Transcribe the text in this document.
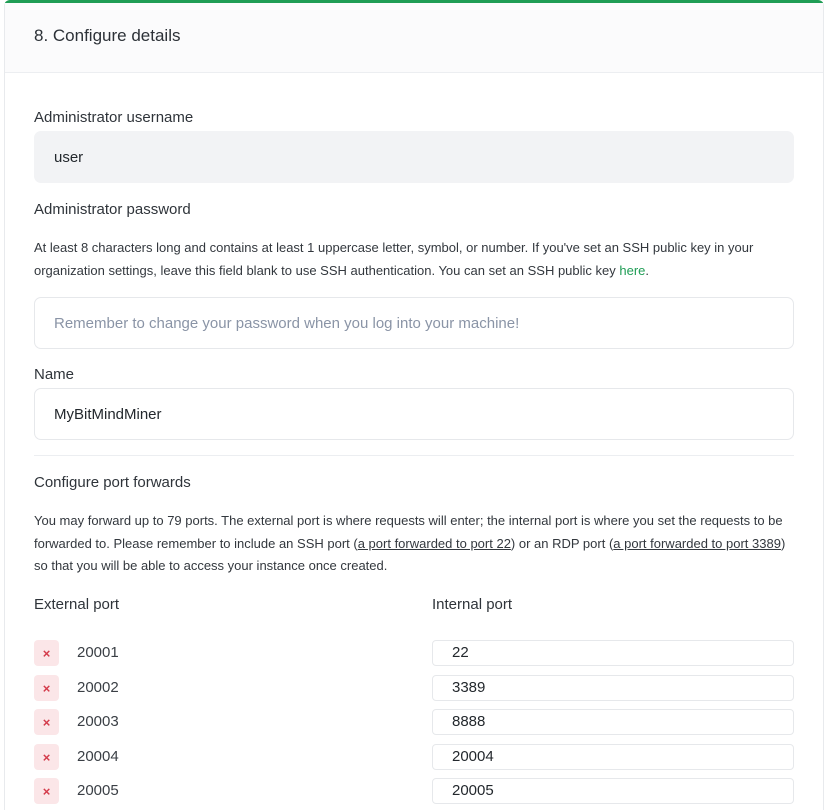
8. Configure details
Administrator username
user
Administrator password
At least 8 characters long and contains at least 1 uppercase letter, symbol, or number. If you've set an SSH public key in your organization settings, leave this field blank to use SSH authentication. You can set an SSH public key here.
Remember to change your password when you log into your machine!
Name
MyBitMindMiner
Configure port forwards
You may forward up to 79 ports. The external port is where requests will enter; the internal port is where you set the requests to be forwarded to. Please remember to include an SSH port (a port forwarded to port 22) or an RDP port (a port forwarded to port 3389) so that you will be able to access your instance once created.
External port	Internal port
×	20001	22
×	20002	3389
×	20003	8888
×	20004	20004
×	20005	20005
